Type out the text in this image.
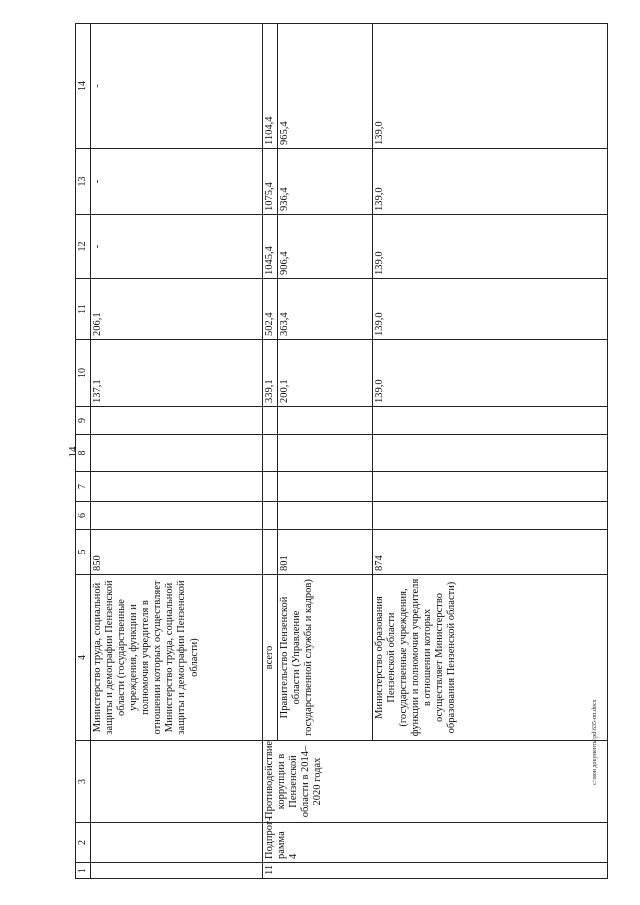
14
1	2	3	4	5	6	7	8	9	10	11	12	13	14
			Министерство труда, социальной защиты и демографии Пензенской области (государственные учреждения, функции и полномочия учредителя в отношении которых осуществляет Министерство труда, социальной защиты и демографии Пензенской области)	850					137,1	206,1	-	-	-
11	Подпрог-рамма 4	Противодействие коррупции в Пензенской области в 2014–2020 годах	всего						339,1	502,4	1045,4	1075,4	1104,4
			Правительство Пензенской области (Управление государственной службы и кадров)	801					200,1	363,4	906,4	936,4	965,4
			Министерство образования Пензенской области (государственные учреждения, функции и полномочия учредителя в отношении которых осуществляет Министерство образования Пензенской области)	874					139,0	139,0	139,0	139,0	139,0
c:\мои документы\pd\635-пп.docx
